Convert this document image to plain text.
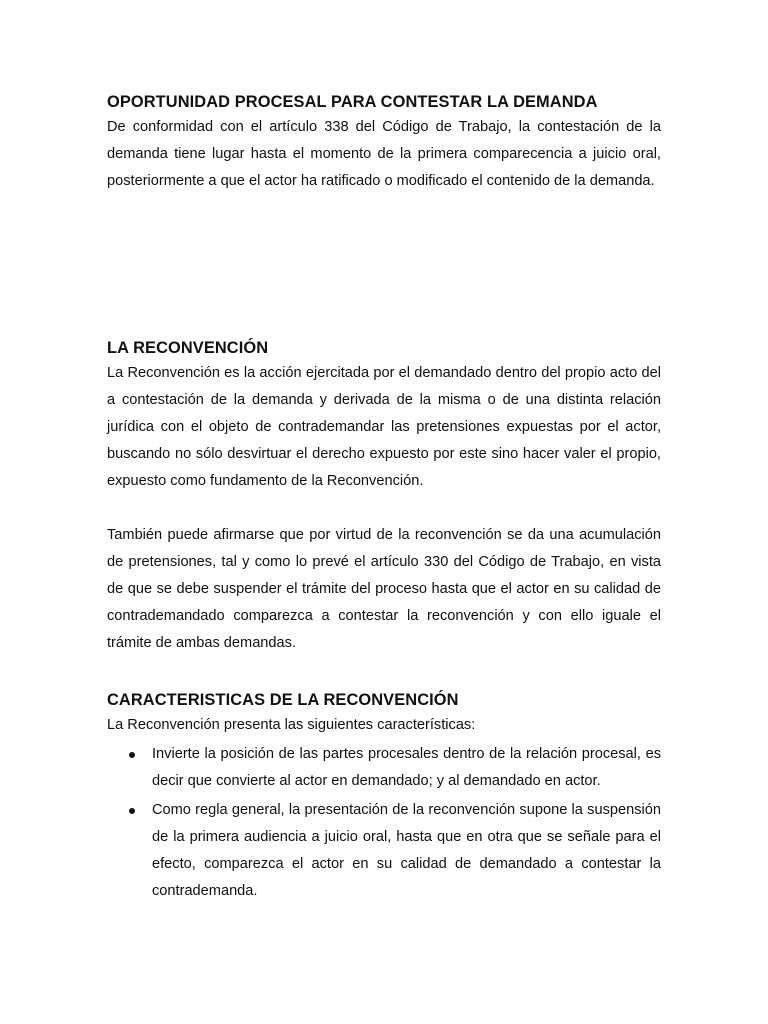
OPORTUNIDAD PROCESAL PARA CONTESTAR LA DEMANDA

De conformidad con el artículo 338 del Código de Trabajo, la contestación de la demanda tiene lugar hasta el momento de la primera comparecencia a juicio oral, posteriormente a que el actor ha ratificado o modificado el contenido de la demanda.

LA RECONVENCIÓN

La Reconvención es la acción ejercitada por el demandado dentro del propio acto del a contestación de la demanda y derivada de la misma o de una distinta relación jurídica con el objeto de contrademandar las pretensiones expuestas por el actor, buscando no sólo desvirtuar el derecho expuesto por este sino hacer valer el propio, expuesto como fundamento de la Reconvención.

También puede afirmarse que por virtud de la reconvención se da una acumulación de pretensiones, tal y como lo prevé el artículo 330 del Código de Trabajo, en vista de que se debe suspender el trámite del proceso hasta que el actor en su calidad de contrademandado comparezca a contestar la reconvención y con ello iguale el trámite de ambas demandas.

CARACTERISTICAS DE LA RECONVENCIÓN

La Reconvención presenta las siguientes características:

Invierte la posición de las partes procesales dentro de la relación procesal, es decir que convierte al actor en demandado; y al demandado en actor.

Como regla general, la presentación de la reconvención supone la suspensión de la primera audiencia a juicio oral, hasta que en otra que se señale para el efecto, comparezca el actor en su calidad de demandado a contestar la contrademanda.
